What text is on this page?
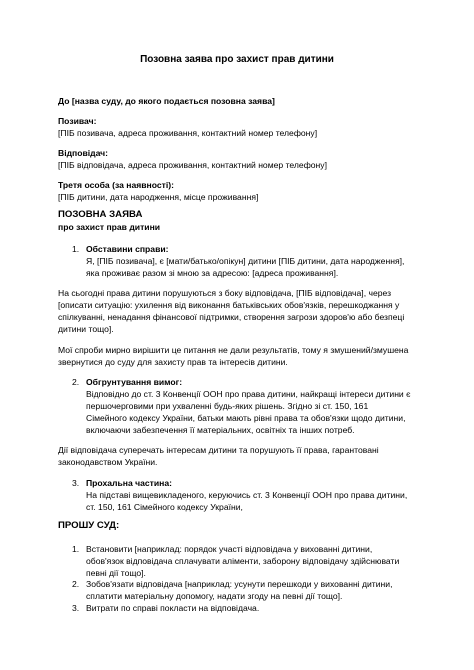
Позовна заява про захист прав дитини
До [назва суду, до якого подається позовна заява]
Позивач:
[ПІБ позивача, адреса проживання, контактний номер телефону]
Відповідач:
[ПІБ відповідача, адреса проживання, контактний номер телефону]
Третя особа (за наявності):
[ПІБ дитини, дата народження, місце проживання]
ПОЗОВНА ЗАЯВА
про захист прав дитини
1. Обставини справи:
Я, [ПІБ позивача], є [мати/батько/опікун] дитини [ПІБ дитини, дата народження],
яка проживає разом зі мною за адресою: [адреса проживання].
На сьогодні права дитини порушуються з боку відповідача, [ПІБ відповідача], через
[описати ситуацію: ухилення від виконання батьківських обов'язків, перешкоджання у
спілкуванні, ненадання фінансової підтримки, створення загрози здоров'ю або безпеці
дитини тощо].
Мої спроби мирно вирішити це питання не дали результатів, тому я змушений/змушена
звернутися до суду для захисту прав та інтересів дитини.
2. Обгрунтування вимог:
Відповідно до ст. 3 Конвенції ООН про права дитини, найкращі інтереси дитини є
першочерговими при ухваленні будь-яких рішень. Згідно зі ст. 150, 161
Сімейного кодексу України, батьки мають рівні права та обов'язки щодо дитини,
включаючи забезпечення її матеріальних, освітніх та інших потреб.
Дії відповідача суперечать інтересам дитини та порушують її права, гарантовані
законодавством України.
3. Прохальна частина:
На підставі вищевикладеного, керуючись ст. 3 Конвенції ООН про права дитини,
ст. 150, 161 Сімейного кодексу України,
ПРОШУ СУД:
1. Встановити [наприклад: порядок участі відповідача у вихованні дитини,
обов'язок відповідача сплачувати аліменти, заборону відповідачу здійснювати
певні дії тощо].
2. Зобов'язати відповідача [наприклад: усунути перешкоди у вихованні дитини,
сплатити матеріальну допомогу, надати згоду на певні дії тощо].
3. Витрати по справі покласти на відповідача.
